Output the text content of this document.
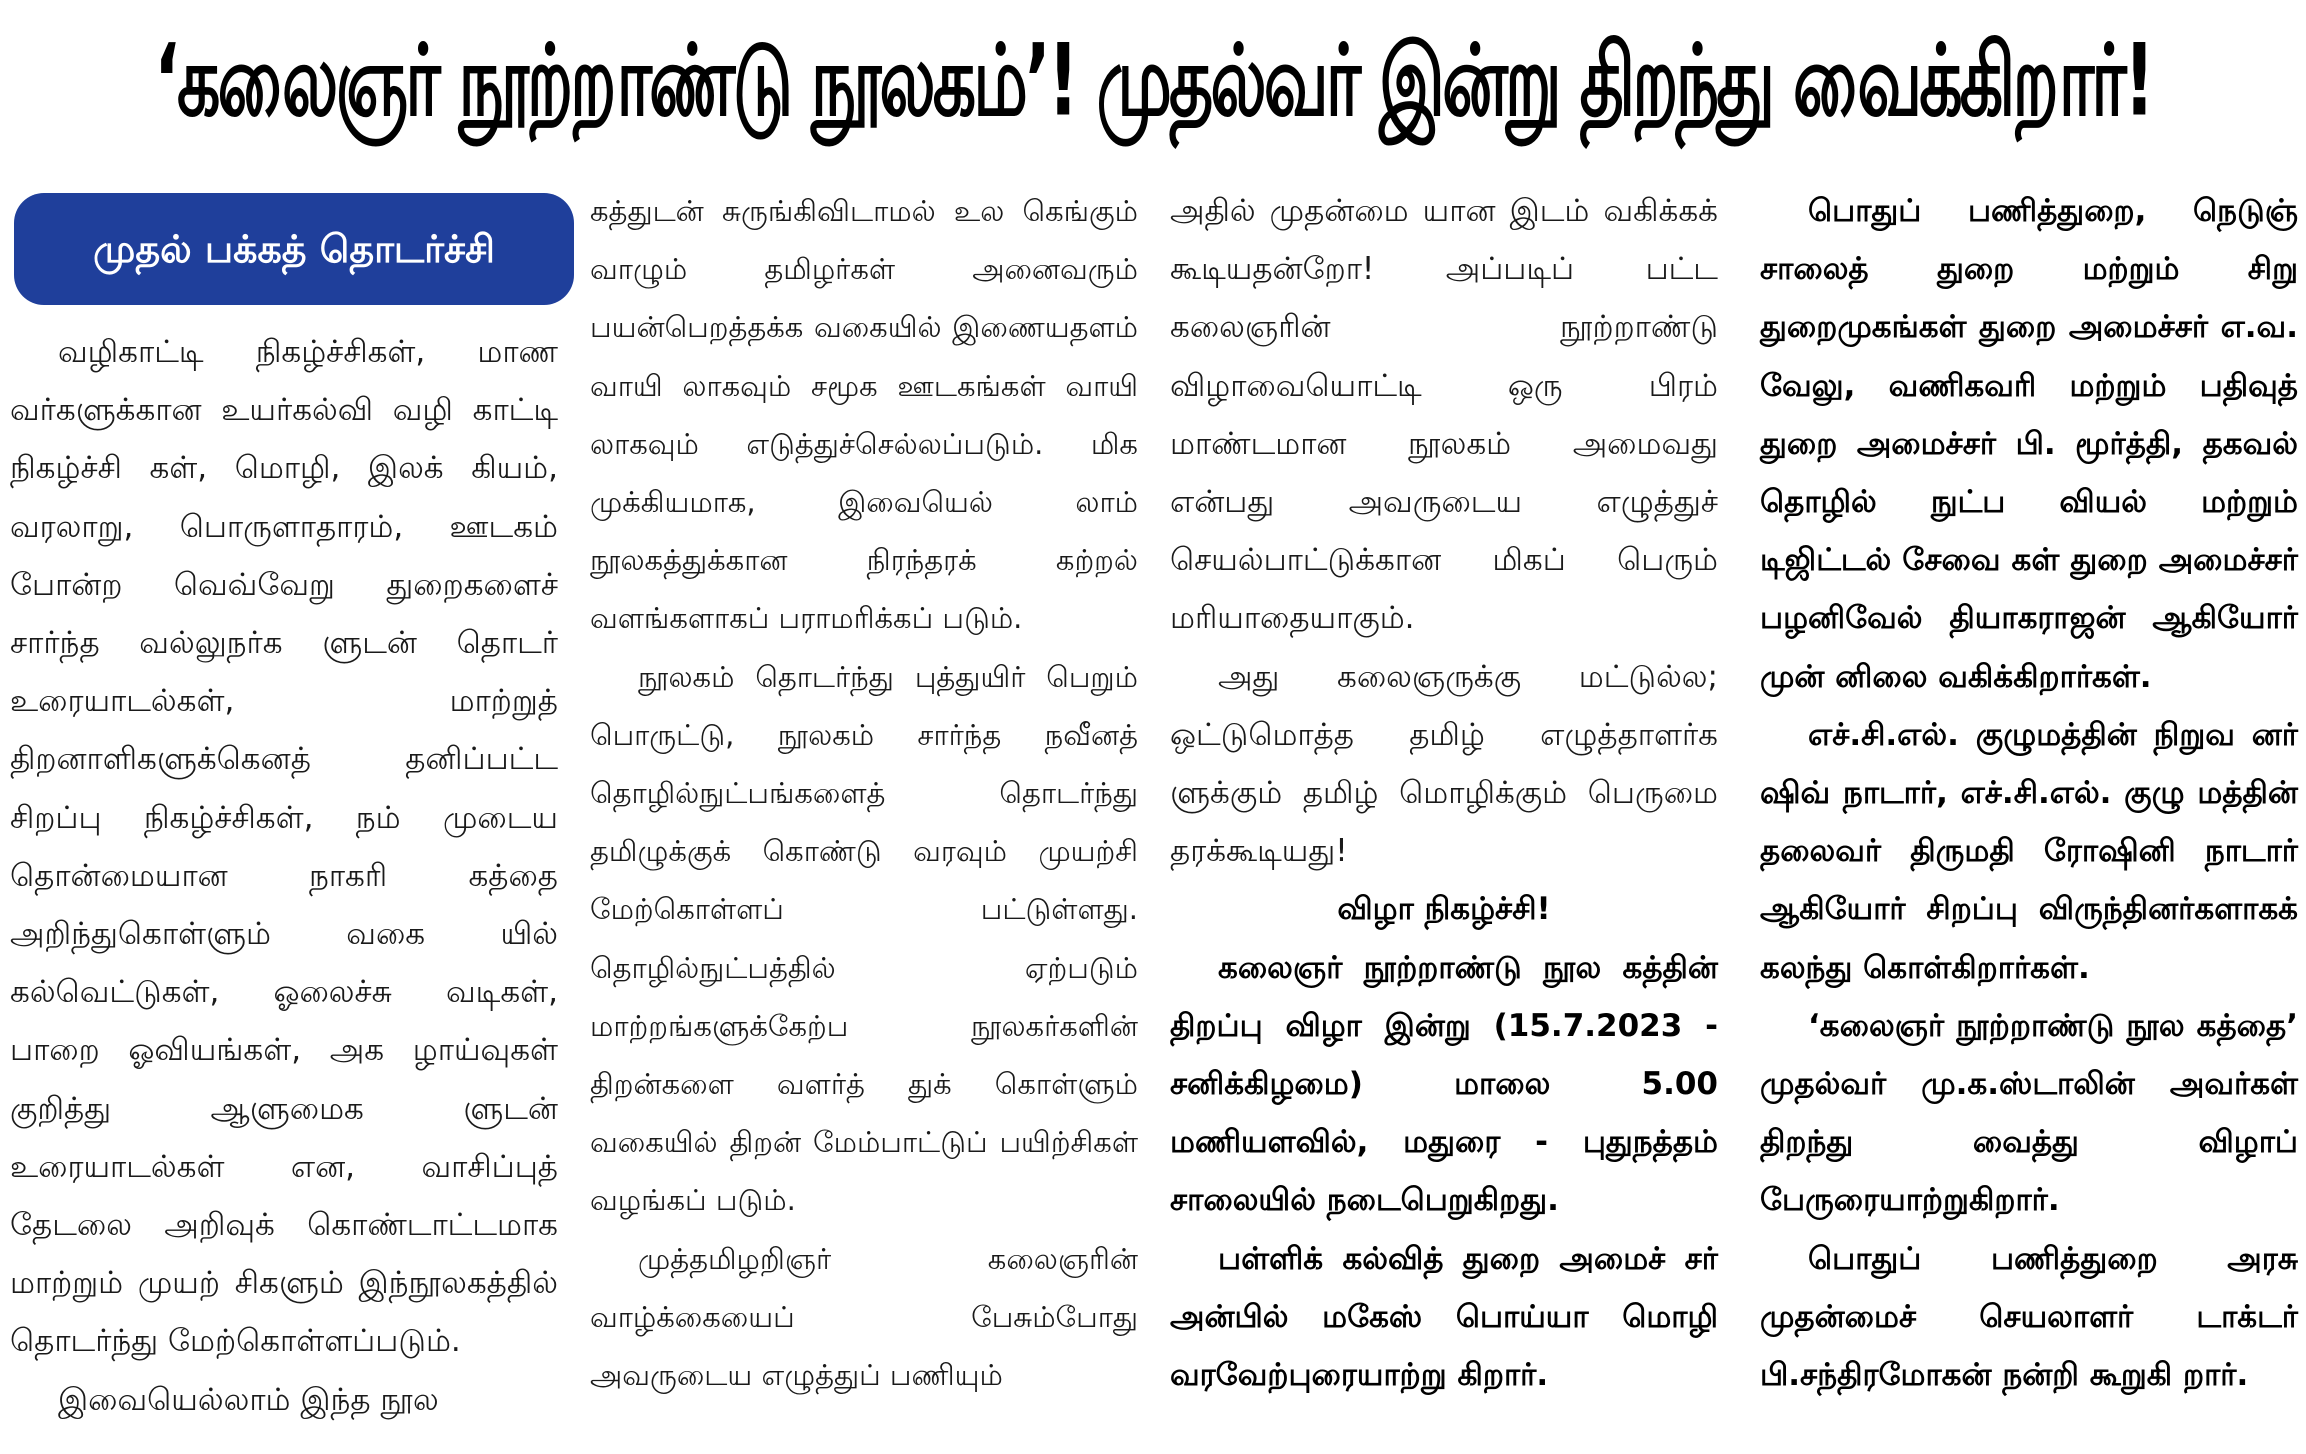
‘கலைஞர் நூற்றாண்டு நூலகம்’! முதல்வர் இன்று திறந்து வைக்கிறார்!
முதல் பக்கத் தொடர்ச்சி

வழிகாட்டி நிகழ்ச்சிகள், மாண வர்களுக்கான உயர்கல்வி வழி காட்டி நிகழ்ச்சி கள், மொழி, இலக் கியம், வரலாறு, பொருளாதாரம், ஊடகம் போன்ற வெவ்வேறு துறைகளைச் சார்ந்த வல்லுநர்க ளுடன் தொடர் உரையாடல்கள், மாற்றுத் திறனாளிகளுக்கெனத் தனிப்பட்ட சிறப்பு நிகழ்ச்சிகள், நம் முடைய தொன்மையான நாகரி கத்தை அறிந்துகொள்ளும் வகை யில் கல்வெட்டுகள், ஓலைச்சு வடிகள், பாறை ஓவியங்கள், அக ழாய்வுகள் குறித்து ஆளுமைக ளுடன் உரையாடல்கள் என, வாசிப்புத் தேடலை அறிவுக் கொண்டாட்டமாக மாற்றும் முயற் சிகளும் இந்நூலகத்தில் தொடர்ந்து மேற்கொள்ளப்படும்.

இவையெல்லாம் இந்த நூல

கத்துடன் சுருங்கிவிடாமல் உல கெங்கும் வாழும் தமிழர்கள் அனைவரும் பயன்பெறத்தக்க வகையில் இணையதளம் வாயி லாகவும் சமூக ஊடகங்கள் வாயி லாகவும் எடுத்துச்செல்லப்படும். மிக முக்கியமாக, இவையெல் லாம் நூலகத்துக்கான நிரந்தரக் கற்றல் வளங்களாகப் பராமரிக்கப் படும்.

நூலகம் தொடர்ந்து புத்துயிர் பெறும் பொருட்டு, நூலகம் சார்ந்த நவீனத் தொழில்நுட்பங்களைத் தொடர்ந்து தமிழுக்குக் கொண்டு வரவும் முயற்சி மேற்கொள்ளப் பட்டுள்ளது. தொழில்நுட்பத்தில் ஏற்படும் மாற்றங்களுக்கேற்ப நூலகர்களின் திறன்களை வளர்த் துக் கொள்ளும் வகையில் திறன் மேம்பாட்டுப் பயிற்சிகள் வழங்கப் படும்.

முத்தமிழறிஞர் கலைஞரின் வாழ்க்கையைப் பேசும்போது அவருடைய எழுத்துப் பணியும்

அதில் முதன்மை யான இடம் வகிக்கக் கூடியதன்றோ! அப்படிப் பட்ட கலைஞரின் நூற்றாண்டு விழாவையொட்டி ஒரு பிரம் மாண்டமான நூலகம் அமைவது என்பது அவருடைய எழுத்துச் செயல்பாட்டுக்கான மிகப் பெரும் மரியாதையாகும்.

அது கலைஞருக்கு மட்டுல்ல; ஒட்டுமொத்த தமிழ் எழுத்தாளர்க ளுக்கும் தமிழ் மொழிக்கும் பெருமை தரக்கூடியது!

விழா நிகழ்ச்சி!

கலைஞர் நூற்றாண்டு நூல கத்தின் திறப்பு விழா இன்று (15.7.2023 - சனிக்கிழமை) மாலை 5.00 மணியளவில், மதுரை - புதுநத்தம் சாலையில் நடைபெறுகிறது.

பள்ளிக் கல்வித் துறை அமைச் சர் அன்பில் மகேஸ் பொய்யா மொழி வரவேற்புரையாற்று கிறார்.

பொதுப் பணித்துறை, நெடுஞ் சாலைத் துறை மற்றும் சிறு துறைமுகங்கள் துறை அமைச்சர் எ.வ. வேலு, வணிகவரி மற்றும் பதிவுத் துறை அமைச்சர் பி. மூர்த்தி, தகவல் தொழில் நுட்ப வியல் மற்றும் டிஜிட்டல் சேவை கள் துறை அமைச்சர் பழனிவேல் தியாகராஜன் ஆகியோர் முன் னிலை வகிக்கிறார்கள்.

எச்.சி.எல். குழுமத்தின் நிறுவ னர் ஷிவ் நாடார், எச்.சி.எல். குழு மத்தின் தலைவர் திருமதி ரோஷினி நாடார் ஆகியோர் சிறப்பு விருந்தினர்களாகக் கலந்து கொள்கிறார்கள்.

‘கலைஞர் நூற்றாண்டு நூல கத்தை’ முதல்வர் மு.க.ஸ்டாலின் அவர்கள் திறந்து வைத்து விழாப் பேருரையாற்றுகிறார்.

பொதுப் பணித்துறை அரசு முதன்மைச் செயலாளர் டாக்டர் பி.சந்திரமோகன் நன்றி கூறுகி றார்.
